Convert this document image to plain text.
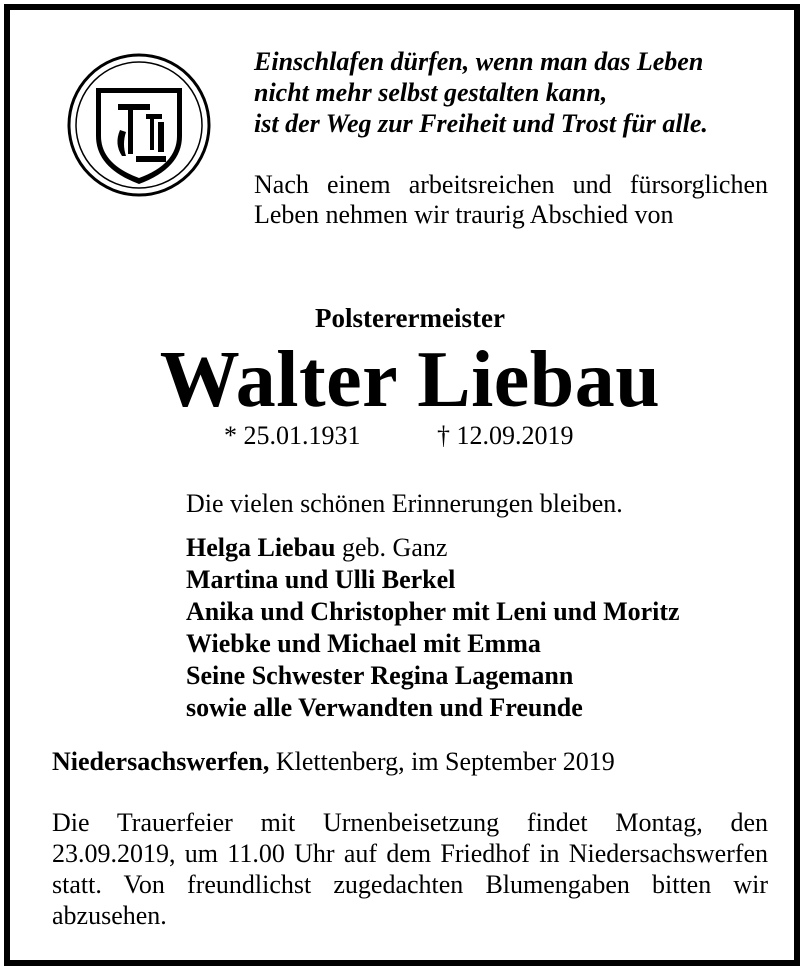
Einschlafen dürfen, wenn man das Leben
nicht mehr selbst gestalten kann,
ist der Weg zur Freiheit und Trost für alle.
Nach einem arbeitsreichen und fürsorglichen Leben nehmen wir traurig Abschied von
Polsterermeister
Walter Liebau
* 25.01.1931	† 12.09.2019
Die vielen schönen Erinnerungen bleiben.
Helga Liebau geb. Ganz
Martina und Ulli Berkel
Anika und Christopher mit Leni und Moritz
Wiebke und Michael mit Emma
Seine Schwester Regina Lagemann
sowie alle Verwandten und Freunde
Niedersachswerfen, Klettenberg, im September 2019
Die Trauerfeier mit Urnenbeisetzung findet Montag, den 23.09.2019, um 11.00 Uhr auf dem Friedhof in Niedersachswerfen statt. Von freundlichst zugedachten Blumengaben bitten wir abzusehen.
